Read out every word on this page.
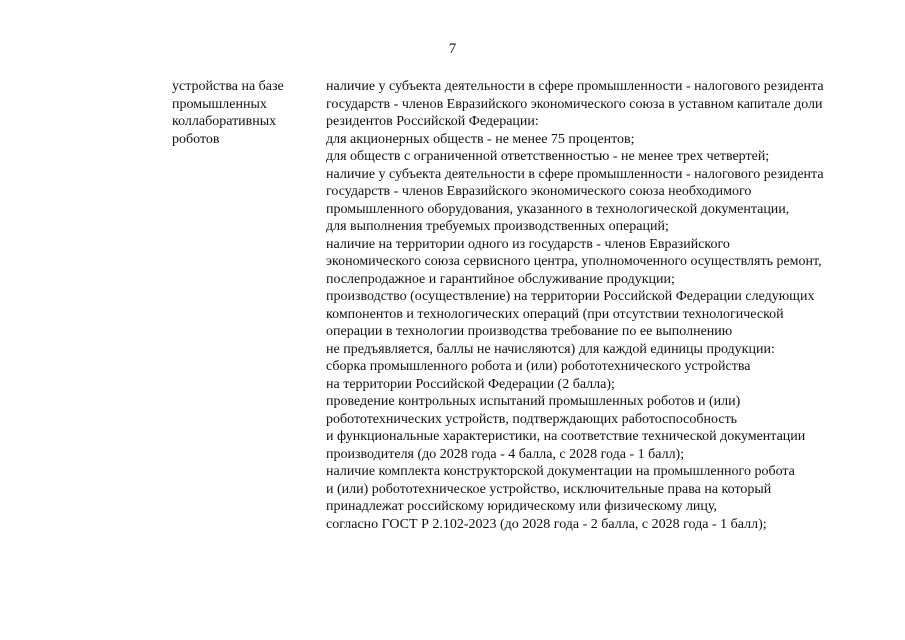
7
устройства на базе
промышленных
коллаборативных
роботов
наличие у субъекта деятельности в сфере промышленности - налогового резидента
государств - членов Евразийского экономического союза в уставном капитале доли
резидентов Российской Федерации:
для акционерных обществ - не менее 75 процентов;
для обществ с ограниченной ответственностью - не менее трех четвертей;
наличие у субъекта деятельности в сфере промышленности - налогового резидента
государств - членов Евразийского экономического союза необходимого
промышленного оборудования, указанного в технологической документации,
для выполнения требуемых производственных операций;
наличие на территории одного из государств - членов Евразийского
экономического союза сервисного центра, уполномоченного осуществлять ремонт,
послепродажное и гарантийное обслуживание продукции;
производство (осуществление) на территории Российской Федерации следующих
компонентов и технологических операций (при отсутствии технологической
операции в технологии производства требование по ее выполнению
не предъявляется, баллы не начисляются) для каждой единицы продукции:
сборка промышленного робота и (или) робототехнического устройства
на территории Российской Федерации (2 балла);
проведение контрольных испытаний промышленных роботов и (или)
робототехнических устройств, подтверждающих работоспособность
и функциональные характеристики, на соответствие технической документации
производителя (до 2028 года - 4 балла, с 2028 года - 1 балл);
наличие комплекта конструкторской документации на промышленного робота
и (или) робототехническое устройство, исключительные права на который
принадлежат российскому юридическому или физическому лицу,
согласно ГОСТ Р 2.102-2023 (до 2028 года - 2 балла, с 2028 года - 1 балл);
